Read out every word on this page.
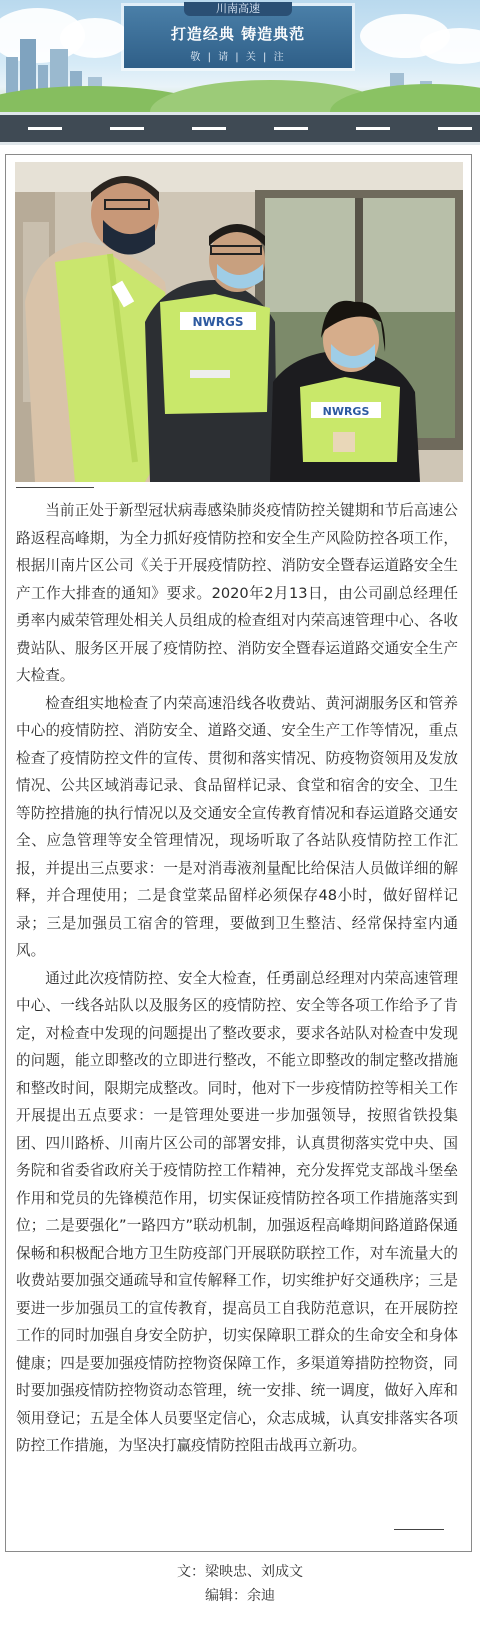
川南高速
打造经典 铸造典范
敬 | 请 | 关 | 注
NWRGS
NWRGS

当前正处于新型冠状病毒感染肺炎疫情防控关键期和节后高速公路返程高峰期，为全力抓好疫情防控和安全生产风险防控各项工作，根据川南片区公司《关于开展疫情防控、消防安全暨春运道路安全生产工作大排查的通知》要求。2020年2月13日，由公司副总经理任勇率内威荣管理处相关人员组成的检查组对内荣高速管理中心、各收费站队、服务区开展了疫情防控、消防安全暨春运道路交通安全生产大检查。

检查组实地检查了内荣高速沿线各收费站、黄河湖服务区和管养中心的疫情防控、消防安全、道路交通、安全生产工作等情况，重点检查了疫情防控文件的宣传、贯彻和落实情况、防疫物资领用及发放情况、公共区域消毒记录、食品留样记录、食堂和宿舍的安全、卫生等防控措施的执行情况以及交通安全宣传教育情况和春运道路交通安全、应急管理等安全管理情况，现场听取了各站队疫情防控工作汇报，并提出三点要求：一是对消毒液剂量配比给保洁人员做详细的解释，并合理使用；二是食堂菜品留样必须保存48小时，做好留样记录；三是加强员工宿舍的管理，要做到卫生整洁、经常保持室内通风。

通过此次疫情防控、安全大检查，任勇副总经理对内荣高速管理中心、一线各站队以及服务区的疫情防控、安全等各项工作给予了肯定，对检查中发现的问题提出了整改要求，要求各站队对检查中发现的问题，能立即整改的立即进行整改，不能立即整改的制定整改措施和整改时间，限期完成整改。同时，他对下一步疫情防控等相关工作开展提出五点要求：一是管理处要进一步加强领导，按照省铁投集团、四川路桥、川南片区公司的部署安排，认真贯彻落实党中央、国务院和省委省政府关于疫情防控工作精神，充分发挥党支部战斗堡垒作用和党员的先锋模范作用，切实保证疫情防控各项工作措施落实到位；二是要强化”一路四方”联动机制，加强返程高峰期间路道路保通保畅和积极配合地方卫生防疫部门开展联防联控工作，对车流量大的收费站要加强交通疏导和宣传解释工作，切实维护好交通秩序；三是要进一步加强员工的宣传教育，提高员工自我防范意识，在开展防控工作的同时加强自身安全防护，切实保障职工群众的生命安全和身体健康；四是要加强疫情防控物资保障工作，多渠道筹措防控物资，同时要加强疫情防控物资动态管理，统一安排、统一调度，做好入库和领用登记；五是全体人员要坚定信心，众志成城，认真安排落实各项防控工作措施，为坚决打赢疫情防控阻击战再立新功。

文：梁映忠、刘成文
编辑：余迪
